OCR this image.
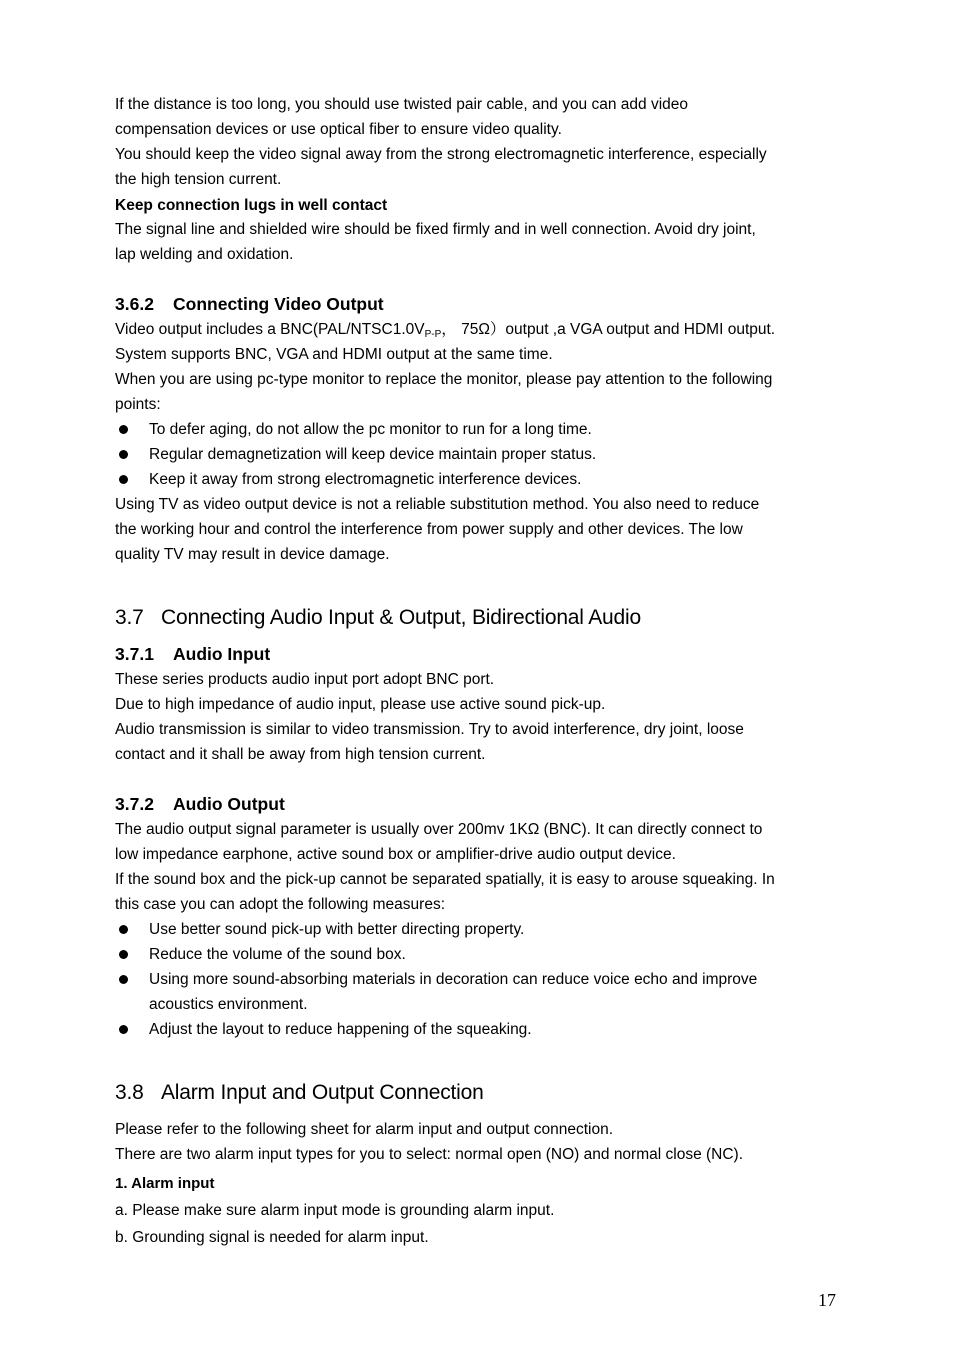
If the distance is too long, you should use twisted pair cable, and you can add video

compensation devices or use optical fiber to ensure video quality.

You should keep the video signal away from the strong electromagnetic interference, especially

the high tension current.

Keep connection lugs in well contact

The signal line and shielded wire should be fixed firmly and in well connection. Avoid dry joint,

lap welding and oxidation.

3.6.2 Connecting Video Output

Video output includes a $BNC(PAL/NTSC1.0V_{P-P}$， 75Ω）output ,a VGA output and HDMI output.

System supports BNC, VGA and HDMI output at the same time.

When you are using pc-type monitor to replace the monitor, please pay attention to the following

points:

To defer aging, do not allow the pc monitor to run for a long time.
Regular demagnetization will keep device maintain proper status.
Keep it away from strong electromagnetic interference devices.

Using TV as video output device is not a reliable substitution method. You also need to reduce

the working hour and control the interference from power supply and other devices. The low

quality TV may result in device damage.

3.7 Connecting Audio Input & Output, Bidirectional Audio
3.7.1 Audio Input

These series products audio input port adopt BNC port.

Due to high impedance of audio input, please use active sound pick-up.

Audio transmission is similar to video transmission. Try to avoid interference, dry joint, loose

contact and it shall be away from high tension current.

3.7.2 Audio Output

The audio output signal parameter is usually over 200mv 1KΩ (BNC). It can directly connect to

low impedance earphone, active sound box or amplifier-drive audio output device.

If the sound box and the pick-up cannot be separated spatially, it is easy to arouse squeaking. In

this case you can adopt the following measures:

Use better sound pick-up with better directing property.
Reduce the volume of the sound box.
Using more sound-absorbing materials in decoration can reduce voice echo and improve

acoustics environment.

Adjust the layout to reduce happening of the squeaking.
3.8 Alarm Input and Output Connection

Please refer to the following sheet for alarm input and output connection.

There are two alarm input types for you to select: normal open (NO) and normal close (NC).

1. Alarm input

a. Please make sure alarm input mode is grounding alarm input.

b. Grounding signal is needed for alarm input.

17
